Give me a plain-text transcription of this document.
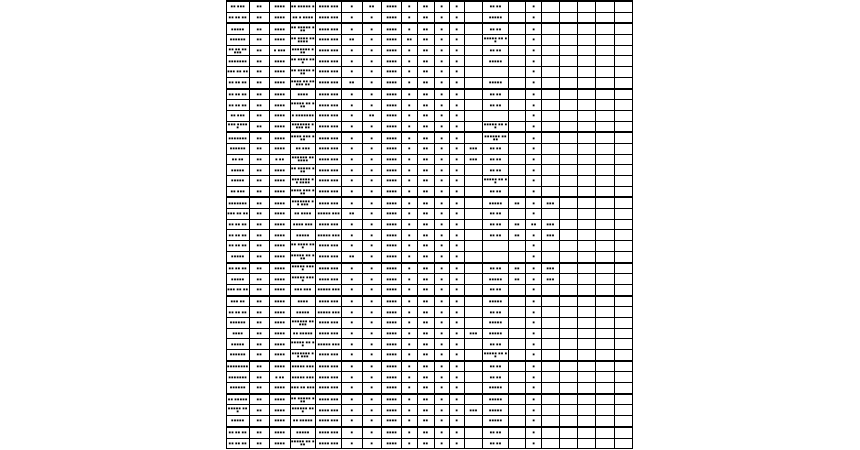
■■ ■■■	■■	■■■■	■■ ■■■■■ ■	■■■■ ■■■	■	■■	■■■■	■	■■	■	■		■■ ■■		■					
■■ ■■ ■■	■■	■■■■	■■ ■ ■■■■	■■■■ ■■■	■	■	■■■■	■	■■	■	■		■■■■■		■					
■■■■■	■■	■■■■	■■ ■■■■■ ■■■	■■■■ ■■■	■	■	■■■■	■	■■	■	■		■■ ■■		■					
■■■■■■	■■	■■■■	■■ ■■■■ ■■ ■■■■	■■■■ ■■■	■■	■	■■■■	■■	■■	■	■		■■■■■ ■■ ■■		■					
■■ ■■ ■■ ■■■	■■	■ ■■■	■■■■■■■ ■■■	■■■■ ■■■	■	■	■■■■	■	■■	■	■		■■ ■■		■					
■■■■■■■	■■	■■■■	■■ ■■■■ ■■■	■■■■ ■■■	■	■	■■■■	■	■■	■	■		■■■■■		■					
■■■ ■■ ■■	■■	■■■■	■■ ■■■■■ ■■■	■■■■ ■■■	■	■	■■■■	■	■■	■	■				■					
■■ ■■ ■■	■■	■■■■	■■■■ ■■ ■■■■■ ■■	■■■■ ■■■	■■	■	■■■■	■	■■	■	■		■■■■■		■					
■■ ■■ ■■	■■	■■■■	■■■■	■■■■ ■■■	■	■	■■■■	■	■■	■	■		■■ ■■		■					
■■ ■■ ■■	■■	■■■■	■■■■■ ■■ ■■■	■■■■ ■■■	■	■	■■■■	■	■■	■	■		■■ ■■		■					
■■ ■■■	■■	■■■■	■ ■■■■■■■	■■■■ ■■■	■	■■	■■■■	■	■■	■	■				■					
■■■ ■■■■■	■■	■■■■	■■■■■■■ ■■■■ ■■	■■■■ ■■■	■	■	■■■■	■	■■	■	■		■■■■■ ■■ ■■		■					
■■■■■■■	■■	■■■■	■■■■ ■■■ ■■■	■■■■ ■■■	■	■	■■■■	■	■■	■	■		■■■■■■ ■■ ■■		■					
■■■■■■	■■	■■■■	■■ ■■■	■■■■ ■■■	■	■	■■■■	■	■■	■	■	■■■	■■ ■■		■					
■■ ■■	■■	■ ■■	■■■■■■ ■■ ■■■■	■■■■ ■■■	■	■	■■■■	■	■■	■	■	■■■	■■ ■■		■					
■■■■■	■■	■■■■	■■ ■■■■■ ■■■	■■■■ ■■■	■	■	■■■■	■	■■	■	■		■■ ■■		■					
■■■■■	■■	■■■■	■■■■■■■ ■■ ■■■■	■■■■ ■■■	■	■	■■■■	■	■■	■	■		■■■■■ ■■ ■■		■					
■■ ■■■	■■	■■■■	■■■■ ■■■ ■■■	■■■■ ■■■	■	■	■■■■	■	■■	■	■		■■ ■■		■					
■■■■■■■	■■	■■■■	■■■■■■■ ■■ ■■■	■■■■ ■■■	■	■	■■■■	■	■■	■	■		■■■■■	■■	■	■■■				
■■■ ■■ ■■	■■	■■■■	■■ ■■■■	■■■■■ ■■■	■■	■	■■■■	■	■■	■	■		■■ ■■		■					
■■ ■■ ■■	■■	■■■■	■■■■ ■■■	■■■■ ■■■	■	■	■■■■	■	■■	■	■		■■ ■■	■■	■■	■■■				
■■ ■■ ■■	■■	■■■■	■■■■■	■■■■■ ■■■	■	■	■■■■	■	■■	■	■		■■ ■■	■■	■	■■■				
■■ ■■ ■■	■■	■■■■	■■ ■■■■ ■■■	■■■■ ■■■	■	■	■■■■	■	■■	■	■				■					
■■■■■	■■	■■■■	■■■■■ ■■ ■■■	■■■■ ■■■	■■	■	■■■■	■	■■	■	■				■					
■■ ■■ ■■	■■	■■■■	■■■■■ ■■■■	■■■■ ■■■	■	■	■■■■	■	■■	■	■		■■ ■■	■■	■	■■■				
■■■■■	■■	■■■■	■■■■■ ■■■■	■■■■ ■■■	■	■	■■■■	■	■■	■	■		■■■■■	■■	■	■■■				
■■■ ■■ ■■	■■	■■■■	■■■ ■■■	■■■■■ ■■■	■	■	■■■■	■	■■	■	■		■■ ■■		■					
■■■ ■■	■■	■■■■	■■■■	■■■■ ■■■	■	■	■■■■	■	■■	■	■		■■■■■		■					
■■ ■■ ■■	■■	■■■■	■■■■■	■■■■■ ■■■	■	■	■■■■	■	■■	■	■		■■ ■■		■					
■■■■■■	■■	■■■■	■■■■■■ ■■ ■■■	■■■■ ■■■	■	■	■■■■	■	■■	■	■		■■■■■		■					
■■■■	■■	■■■■	■■ ■■■■■	■■■■ ■■■	■	■	■■■■	■	■■	■	■	■■■	■■■■■		■					
■■■■■	■■	■■■■	■■■■■ ■■ ■■	■■■■■ ■■■	■	■	■■■■	■	■■	■	■		■■ ■■		■					
■■■■■■	■■	■■■■	■■■■■■■ ■■ ■■■	■■■■ ■■■	■	■	■■■■	■	■■	■	■		■■■■■ ■■ ■■		■					
■■■■■■■■	■■	■■■■	■■■■■ ■■■	■■■■ ■■■	■	■	■■■■	■	■■	■	■		■■ ■■		■					
■■■■■■■	■■	■ ■■	■■■■■ ■■■	■■■■ ■■■	■	■	■■■■	■	■■	■	■		■■ ■■		■					
■■■■■■	■■	■■■■	■■■ ■■ ■■■	■■■■ ■■■	■	■	■■■■	■	■■	■	■		■■■■■		■					
■■ ■■■■■	■■	■■■■	■■ ■■■■■ ■■■	■■■■ ■■■	■	■	■■■■	■	■■	■	■		■■■■■		■					
■■■■■ ■■■	■■	■■■■	■■■■■■ ■■■	■■■■ ■■■	■	■	■■■■	■	■■	■	■	■■■	■■■■■		■					
■■■■■	■■	■■■■	■■ ■■■■■	■■■■ ■■■	■	■	■■■■	■	■■	■	■		■■■■■		■					
■■ ■■ ■■	■■	■■■■	■■■■■	■■■■ ■■■	■	■	■■■■	■	■■	■	■		■■ ■■		■					
■■ ■■ ■■	■■	■■■■	■■■■■ ■■ ■■■	■■■■ ■■■	■	■	■■■■	■	■■	■	■		■■ ■■		■					
